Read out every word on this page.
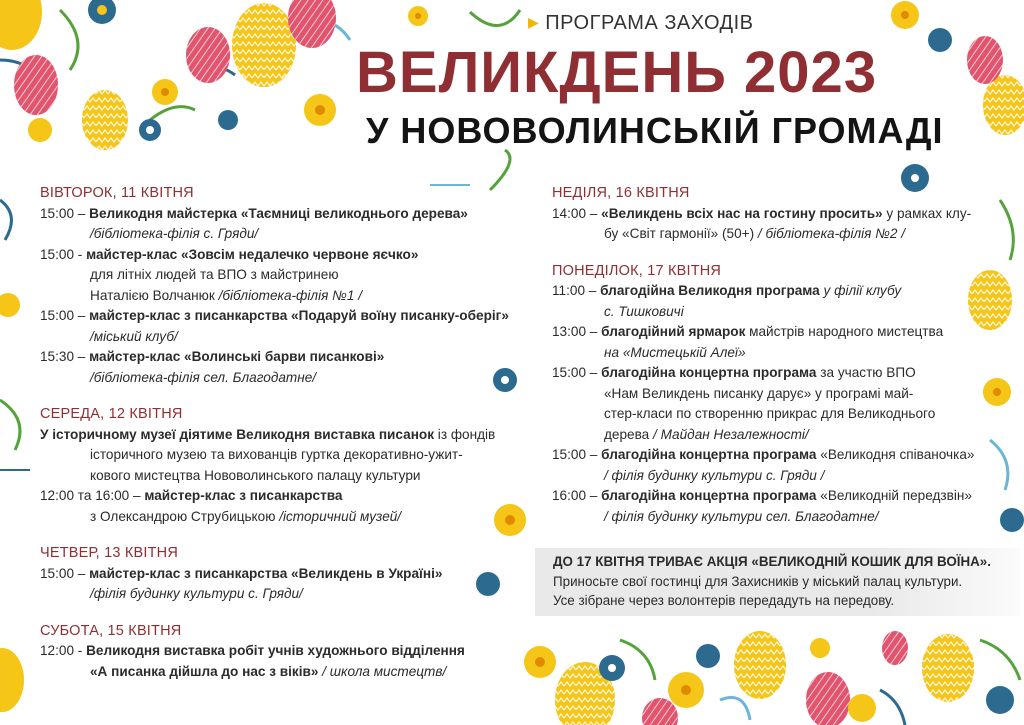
▶ ПРОГРАМА ЗАХОДІВ
ВЕЛИКДЕНЬ 2023
У НОВОВОЛИНСЬКІЙ ГРОМАДІ
ВІВТОРОК, 11 КВІТНЯ
15:00 – Великодня майстерка «Таємниці великоднього дерева»
/бібліотека-філія с. Гряди/
15:00 - майстер-клас «Зовсім недалечко червоне яєчко»
для літніх людей та ВПО з майстринею
Наталією Волчанюк /бібліотека-філія №1 /
15:00 – майстер-клас з писанкарства «Подаруй воїну писанку-оберіг»
/міський клуб/
15:30 – майстер-клас «Волинські барви писанкові»
/бібліотека-філія сел. Благодатне/
СЕРЕДА, 12 КВІТНЯ
У історичному музеї діятиме Великодня виставка писанок із фондів
історичного музею та вихованців гуртка декоративно-ужит-
кового мистецтва Нововолинського палацу культури
12:00 та 16:00 – майстер-клас з писанкарства
з Олександрою Струбицькою /історичний музей/
ЧЕТВЕР, 13 КВІТНЯ
15:00 – майстер-клас з писанкарства «Великдень в Україні»
/філія будинку культури с. Гряди/
СУБОТА, 15 КВІТНЯ
12:00 - Великодня виставка робіт учнів художнього відділення
«А писанка дійшла до нас з віків» / школа мистецтв/
НЕДІЛЯ, 16 КВІТНЯ
14:00 – «Великдень всіх нас на гостину просить» у рамках клу-
бу «Світ гармонії» (50+) / бібліотека-філія №2 /
ПОНЕДІЛОК, 17 КВІТНЯ
11:00 – благодійна Великодня програма у філії клубу
с. Тишковичі
13:00 – благодійний ярмарок майстрів народного мистецтва
на «Мистецькій Алеї»
15:00 – благодійна концертна програма за участю ВПО
«Нам Великдень писанку дарує» у програмі май-
стер-класи по створенню прикрас для Великоднього
дерева / Майдан Незалежності/
15:00 – благодійна концертна програма «Великодня співаночка»
/ філія будинку культури с. Гряди /
16:00 – благодійна концертна програма «Великодній передзвін»
/ філія будинку культури сел. Благодатне/
ДО 17 КВІТНЯ ТРИВАЄ АКЦІЯ «ВЕЛИКОДНІЙ КОШИК ДЛЯ ВОЇНА».
Приносьте свої гостинці для Захисників у міський палац культури.
Усе зібране через волонтерів передадуть на передову.
